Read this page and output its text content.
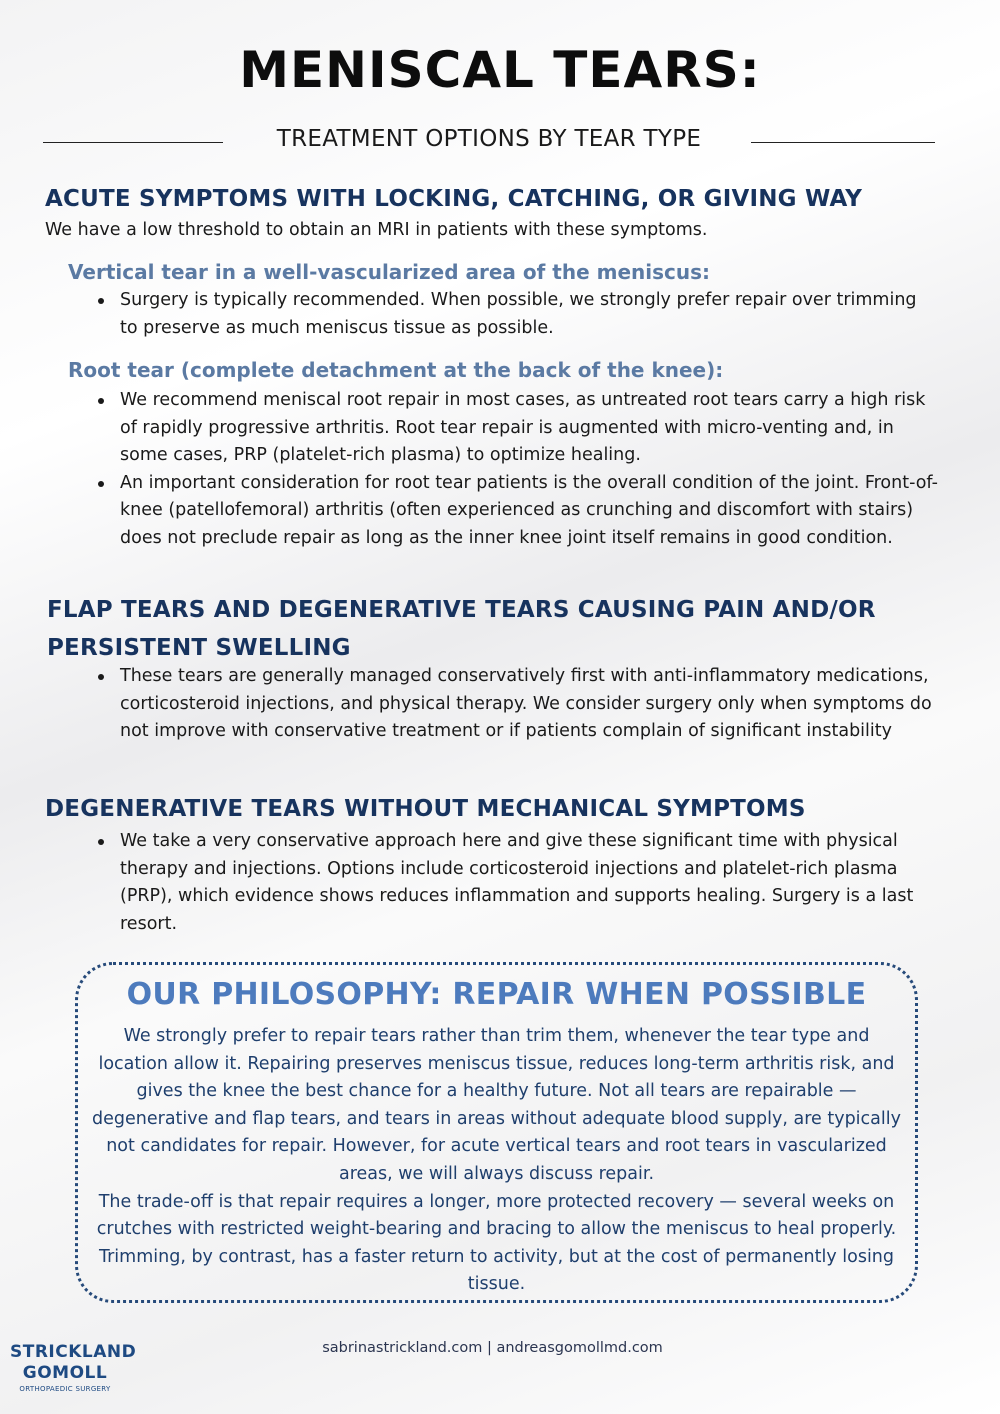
MENISCAL TEARS:
TREATMENT OPTIONS BY TEAR TYPE
ACUTE SYMPTOMS WITH LOCKING, CATCHING, OR GIVING WAY

We have a low threshold to obtain an MRI in patients with these symptoms.

Vertical tear in a well-vascularized area of the meniscus:
Surgery is typically recommended. When possible, we strongly prefer repair over trimming to preserve as much meniscus tissue as possible.
Root tear (complete detachment at the back of the knee):
We recommend meniscal root repair in most cases, as untreated root tears carry a high risk of rapidly progressive arthritis. Root tear repair is augmented with micro-venting and, in some cases, PRP (platelet-rich plasma) to optimize healing.
An important consideration for root tear patients is the overall condition of the joint. Front-of-knee (patellofemoral) arthritis (often experienced as crunching and discomfort with stairs) does not preclude repair as long as the inner knee joint itself remains in good condition.
FLAP TEARS AND DEGENERATIVE TEARS CAUSING PAIN AND/OR
PERSISTENT SWELLING
These tears are generally managed conservatively first with anti-inflammatory medications, corticosteroid injections, and physical therapy. We consider surgery only when symptoms do not improve with conservative treatment or if patients complain of significant instability
DEGENERATIVE TEARS WITHOUT MECHANICAL SYMPTOMS
We take a very conservative approach here and give these significant time with physical therapy and injections. Options include corticosteroid injections and platelet-rich plasma (PRP), which evidence shows reduces inflammation and supports healing. Surgery is a last resort.
OUR PHILOSOPHY: REPAIR WHEN POSSIBLE

We strongly prefer to repair tears rather than trim them, whenever the tear type and location allow it. Repairing preserves meniscus tissue, reduces long-term arthritis risk, and gives the knee the best chance for a healthy future. Not all tears are repairable — degenerative and flap tears, and tears in areas without adequate blood supply, are typically not candidates for repair. However, for acute vertical tears and root tears in vascularized areas, we will always discuss repair.

The trade-off is that repair requires a longer, more protected recovery — several weeks on crutches with restricted weight-bearing and bracing to allow the meniscus to heal properly. Trimming, by contrast, has a faster return to activity, but at the cost of permanently losing tissue.

STRICKLAND
GOMOLL
ORTHOPAEDIC SURGERY
sabrinastrickland.com | andreasgomollmd.com
